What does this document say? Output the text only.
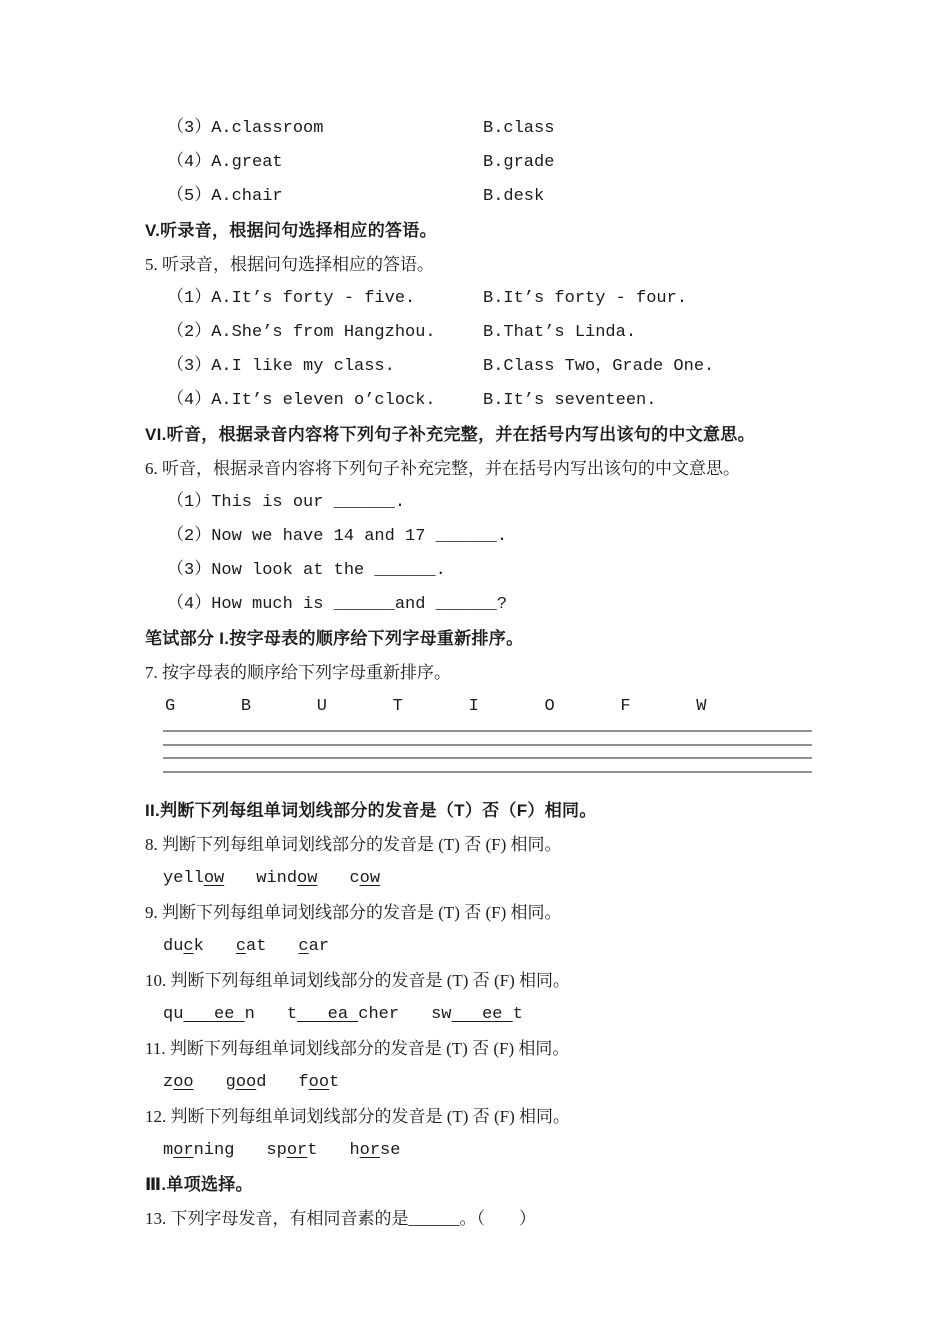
（3）A.classroom	B.class
（4）A.great	B.grade
（5）A.chair	B.desk
V.听录音，根据问句选择相应的答语。
5. 听录音，根据问句选择相应的答语。
（1）A.It’s forty - five.	B.It’s forty - four.
（2）A.She’s from Hangzhou.	B.That’s Linda.
（3）A.I like my class.	B.Class Two，Grade One.
（4）A.It’s eleven o’clock.	B.It’s seventeen.
VI.听音，根据录音内容将下列句子补充完整，并在括号内写出该句的中文意思。
6. 听音，根据录音内容将下列句子补充完整，并在括号内写出该句的中文意思。
（1）This is our ______.
（2）Now we have 14 and 17 ______.
（3）Now look at the ______.
（4）How much is ______and ______?
笔试部分 I.按字母表的顺序给下列字母重新排序。
7. 按字母表的顺序给下列字母重新排序。
G	B	U	T	I	O	F	W
II.判断下列每组单词划线部分的发音是（T）否（F）相同。
8. 判断下列每组单词划线部分的发音是 (T) 否 (F) 相同。
yellow window cow
9. 判断下列每组单词划线部分的发音是 (T) 否 (F) 相同。
duck cat car
10. 判断下列每组单词划线部分的发音是 (T) 否 (F) 相同。
qu   ee n t   ea cher sw   ee t
11. 判断下列每组单词划线部分的发音是 (T) 否 (F) 相同。
zoo good foot
12. 判断下列每组单词划线部分的发音是 (T) 否 (F) 相同。
morning sport horse
Ⅲ.单项选择。
13. 下列字母发音，有相同音素的是______。（　　）
